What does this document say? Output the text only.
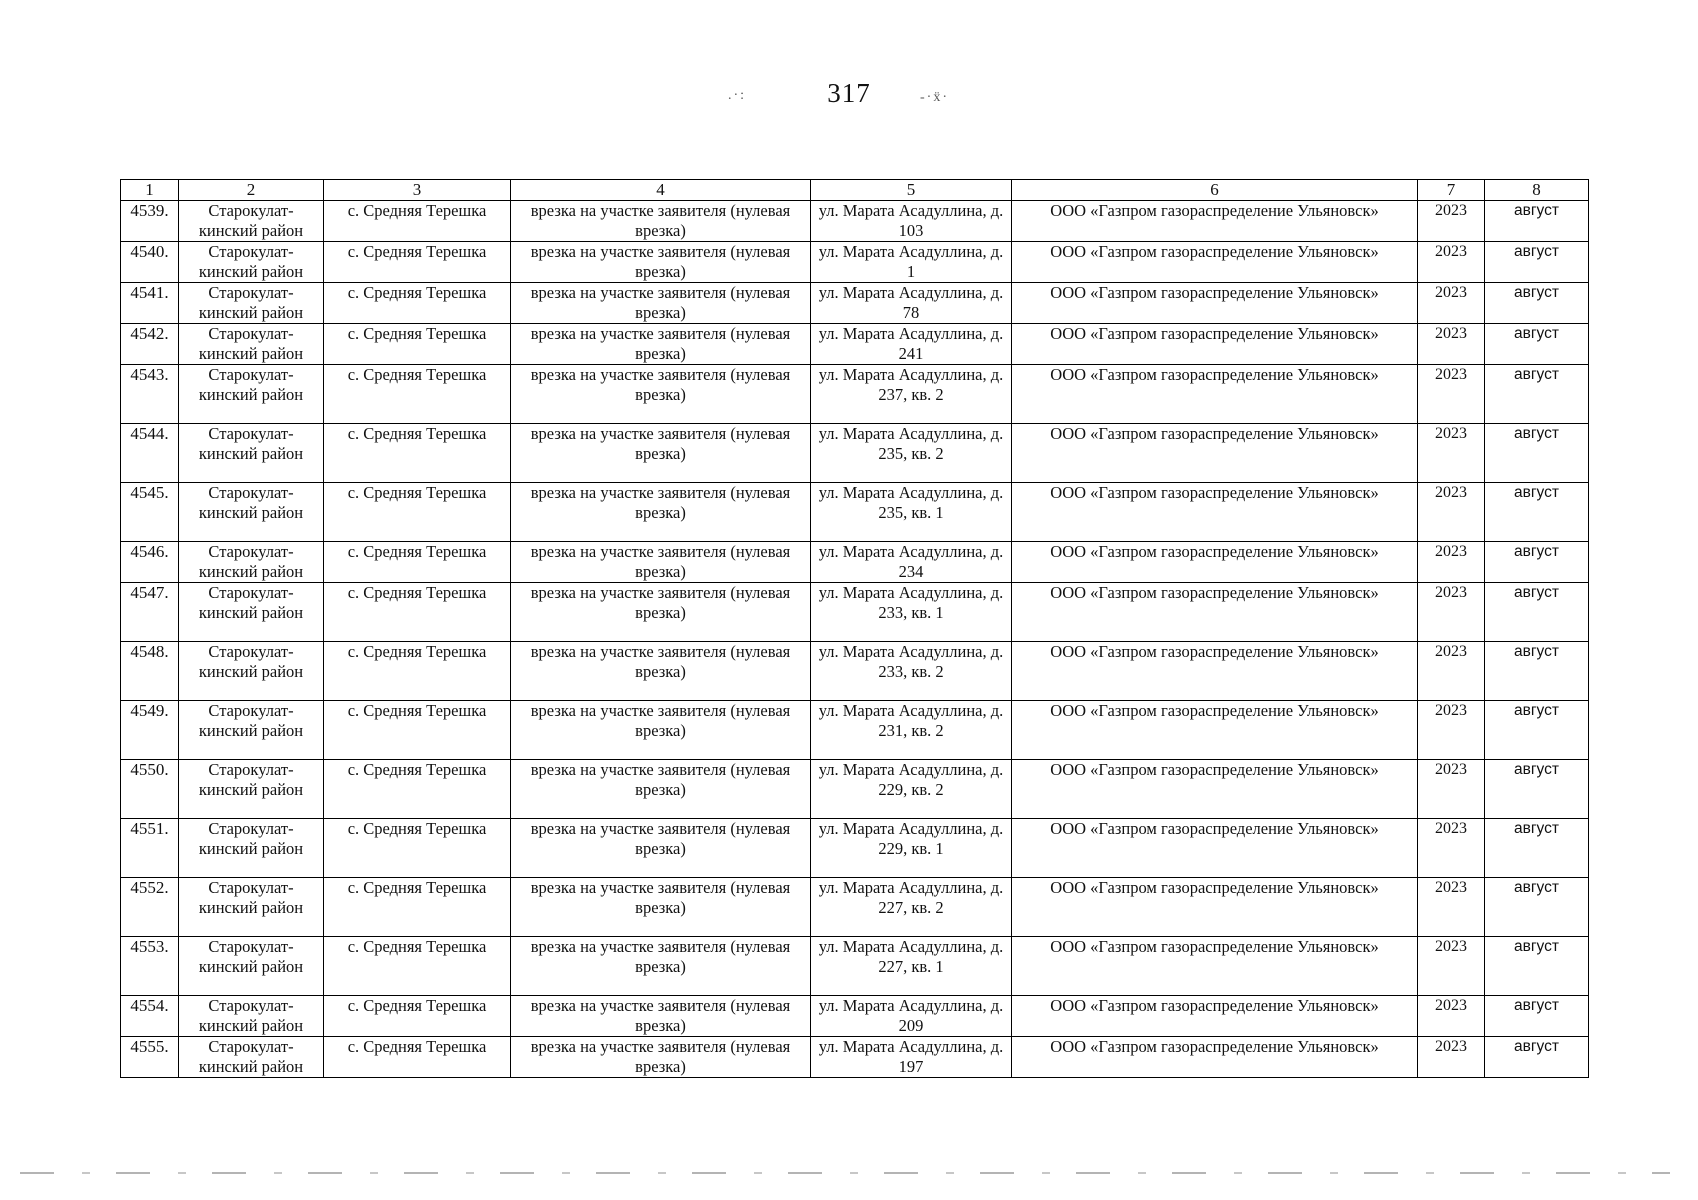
317
.·:	-·ẍ·
1	2	3	4	5	6	7	8
4539.	Старокулат-кинский район	с. Средняя Терешка	врезка на участке заявителя (нулевая врезка)	ул. Марата Асадуллина, д. 103	ООО «Газпром газораспределение Ульяновск»	2023	август
4540.	Старокулат-кинский район	с. Средняя Терешка	врезка на участке заявителя (нулевая врезка)	ул. Марата Асадуллина, д. 1	ООО «Газпром газораспределение Ульяновск»	2023	август
4541.	Старокулат-кинский район	с. Средняя Терешка	врезка на участке заявителя (нулевая врезка)	ул. Марата Асадуллина, д. 78	ООО «Газпром газораспределение Ульяновск»	2023	август
4542.	Старокулат-кинский район	с. Средняя Терешка	врезка на участке заявителя (нулевая врезка)	ул. Марата Асадуллина, д. 241	ООО «Газпром газораспределение Ульяновск»	2023	август
4543.	Старокулат-кинский район	с. Средняя Терешка	врезка на участке заявителя (нулевая врезка)	ул. Марата Асадуллина, д. 237, кв. 2	ООО «Газпром газораспределение Ульяновск»	2023	август
4544.	Старокулат-кинский район	с. Средняя Терешка	врезка на участке заявителя (нулевая врезка)	ул. Марата Асадуллина, д. 235, кв. 2	ООО «Газпром газораспределение Ульяновск»	2023	август
4545.	Старокулат-кинский район	с. Средняя Терешка	врезка на участке заявителя (нулевая врезка)	ул. Марата Асадуллина, д. 235, кв. 1	ООО «Газпром газораспределение Ульяновск»	2023	август
4546.	Старокулат-кинский район	с. Средняя Терешка	врезка на участке заявителя (нулевая врезка)	ул. Марата Асадуллина, д. 234	ООО «Газпром газораспределение Ульяновск»	2023	август
4547.	Старокулат-кинский район	с. Средняя Терешка	врезка на участке заявителя (нулевая врезка)	ул. Марата Асадуллина, д. 233, кв. 1	ООО «Газпром газораспределение Ульяновск»	2023	август
4548.	Старокулат-кинский район	с. Средняя Терешка	врезка на участке заявителя (нулевая врезка)	ул. Марата Асадуллина, д. 233, кв. 2	ООО «Газпром газораспределение Ульяновск»	2023	август
4549.	Старокулат-кинский район	с. Средняя Терешка	врезка на участке заявителя (нулевая врезка)	ул. Марата Асадуллина, д. 231, кв. 2	ООО «Газпром газораспределение Ульяновск»	2023	август
4550.	Старокулат-кинский район	с. Средняя Терешка	врезка на участке заявителя (нулевая врезка)	ул. Марата Асадуллина, д. 229, кв. 2	ООО «Газпром газораспределение Ульяновск»	2023	август
4551.	Старокулат-кинский район	с. Средняя Терешка	врезка на участке заявителя (нулевая врезка)	ул. Марата Асадуллина, д. 229, кв. 1	ООО «Газпром газораспределение Ульяновск»	2023	август
4552.	Старокулат-кинский район	с. Средняя Терешка	врезка на участке заявителя (нулевая врезка)	ул. Марата Асадуллина, д. 227, кв. 2	ООО «Газпром газораспределение Ульяновск»	2023	август
4553.	Старокулат-кинский район	с. Средняя Терешка	врезка на участке заявителя (нулевая врезка)	ул. Марата Асадуллина, д. 227, кв. 1	ООО «Газпром газораспределение Ульяновск»	2023	август
4554.	Старокулат-кинский район	с. Средняя Терешка	врезка на участке заявителя (нулевая врезка)	ул. Марата Асадуллина, д. 209	ООО «Газпром газораспределение Ульяновск»	2023	август
4555.	Старокулат-кинский район	с. Средняя Терешка	врезка на участке заявителя (нулевая врезка)	ул. Марата Асадуллина, д. 197	ООО «Газпром газораспределение Ульяновск»	2023	август
